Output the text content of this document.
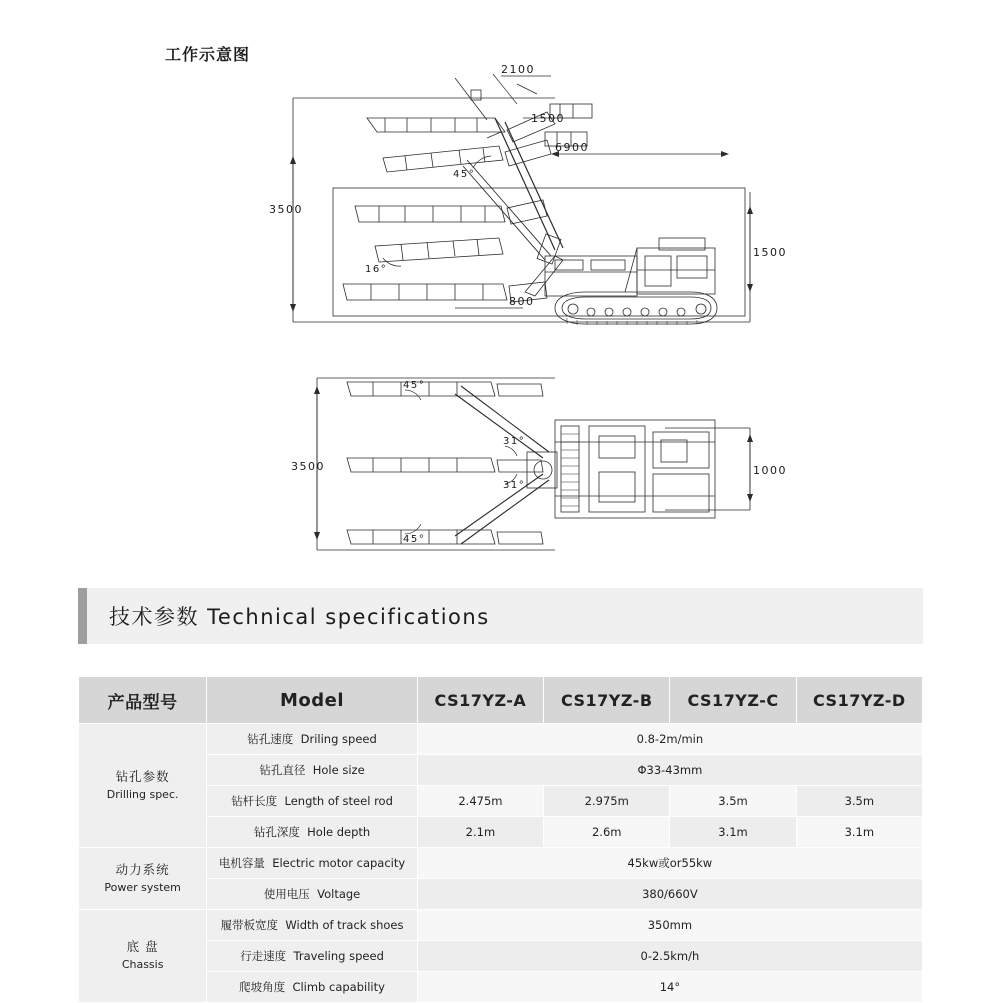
工作示意图
3500
6900
2100
1500
1500
800
45°
16°
3500	1000
45°
45°
31°
31°
技术参数 Technical specifications
产品型号	Model	CS17YZ-A	CS17YZ-B	CS17YZ-C	CS17YZ-D

钻孔参数
Drilling spec.	钻孔速度 Driling speed	0.8-2m/min			
	钻孔直径 Hole size	Φ33-43mm			
	钻杆长度 Length of steel rod	2.475m	2.975m	3.5m	3.5m
	钻孔深度 Hole depth	2.1m	2.6m	3.1m	3.1m

动力系统
Power system	电机容量 Electric motor capacity	45kw或or55kw			
	使用电压 Voltage	380/660V			

底 盘
Chassis	履带板宽度 Width of track shoes	350mm			
	行走速度 Traveling speed	0-2.5km/h			
	爬坡角度 Climb capability	14°			
